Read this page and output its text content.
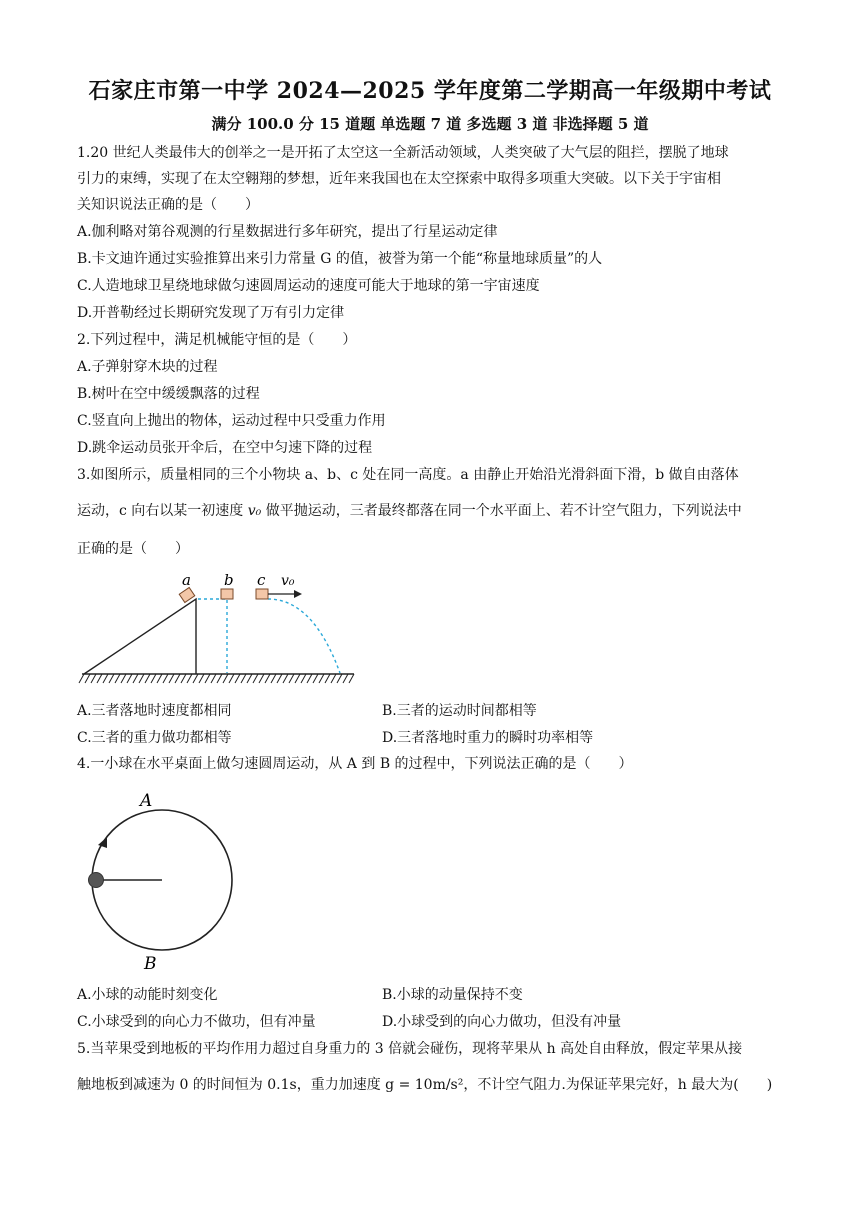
石家庄市第一中学 2024—2025 学年度第二学期高一年级期中考试
满分 100.0 分 15 道题 单选题 7 道 多选题 3 道 非选择题 5 道
1.20 世纪人类最伟大的创举之一是开拓了太空这一全新活动领域，人类突破了大气层的阻拦，摆脱了地球
引力的束缚，实现了在太空翱翔的梦想，近年来我国也在太空探索中取得多项重大突破。以下关于宇宙相
关知识说法正确的是（　　）
A.伽利略对第谷观测的行星数据进行多年研究，提出了行星运动定律
B.卡文迪许通过实验推算出来引力常量 G 的值，被誉为第一个能“称量地球质量”的人
C.人造地球卫星绕地球做匀速圆周运动的速度可能大于地球的第一宇宙速度
D.开普勒经过长期研究发现了万有引力定律
2.下列过程中，满足机械能守恒的是（　　）
A.子弹射穿木块的过程
B.树叶在空中缓缓飘落的过程
C.竖直向上抛出的物体，运动过程中只受重力作用
D.跳伞运动员张开伞后，在空中匀速下降的过程
3.如图所示，质量相同的三个小物块 a、b、c 处在同一高度。a 由静止开始沿光滑斜面下滑，b 做自由落体
运动，c 向右以某一初速度 v₀ 做平抛运动，三者最终都落在同一个水平面上、若不计空气阻力，下列说法中
正确的是（　　）
a b c v₀
A.三者落地时速度都相同	B.三者的运动时间都相等
C.三者的重力做功都相等	D.三者落地时重力的瞬时功率相等
4.一小球在水平桌面上做匀速圆周运动，从 A 到 B 的过程中，下列说法正确的是（　　）
A
B
A.小球的动能时刻变化	B.小球的动量保持不变
C.小球受到的向心力不做功，但有冲量	D.小球受到的向心力做功，但没有冲量
5.当苹果受到地板的平均作用力超过自身重力的 3 倍就会碰伤，现将苹果从 h 高处自由释放，假定苹果从接
触地板到减速为 0 的时间恒为 0.1s，重力加速度 g = 10m/s²，不计空气阻力.为保证苹果完好，h 最大为(　　)
